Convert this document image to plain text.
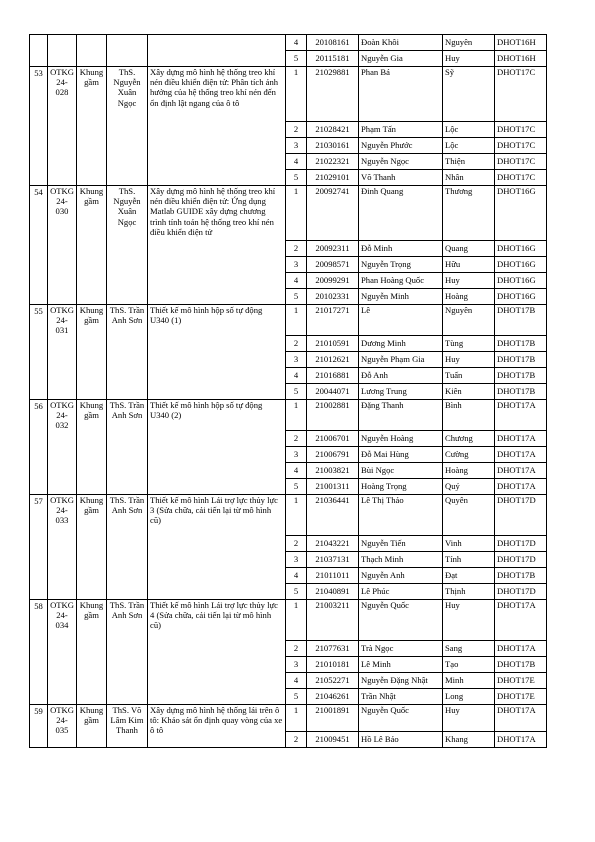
					4	20108161	Đoàn Khôi	Nguyên	DHOT16H
					5	20115181	Nguyễn Gia	Huy	DHOT16H
53	OTKG 24- 028	Khung gầm	ThS. Nguyễn Xuân Ngọc	Xây dựng mô hình hệ thống treo khí nén điều khiển điện tử: Phân tích ảnh hưởng của hệ thống treo khí nén đến ổn định lật ngang của ô tô	1	21029881	Phan Bá	Sỹ	DHOT17C
					2	21028421	Phạm Tấn	Lộc	DHOT17C
					3	21030161	Nguyễn Phước	Lộc	DHOT17C
					4	21022321	Nguyễn Ngọc	Thiện	DHOT17C
					5	21029101	Võ Thanh	Nhân	DHOT17C
54	OTKG 24- 030	Khung gầm	ThS. Nguyễn Xuân Ngọc	Xây dựng mô hình hệ thống treo khí nén điều khiển điện tử: Ứng dụng Matlab GUIDE xây dựng chương trình tính toán hệ thống treo khí nén điều khiển điện tử	1	20092741	Đinh Quang	Thương	DHOT16G
					2	20092311	Đỗ Minh	Quang	DHOT16G
					3	20098571	Nguyễn Trọng	Hữu	DHOT16G
					4	20099291	Phan Hoàng Quốc	Huy	DHOT16G
					5	20102331	Nguyễn Minh	Hoàng	DHOT16G
55	OTKG 24- 031	Khung gầm	ThS. Trần Anh Sơn	Thiết kế mô hình hộp số tự động U340 (1)	1	21017271	Lê	Nguyên	DHOT17B
					2	21010591	Dương Minh	Tùng	DHOT17B
					3	21012621	Nguyễn Phạm Gia	Huy	DHOT17B
					4	21016881	Đỗ Anh	Tuấn	DHOT17B
					5	20044071	Lương Trung	Kiên	DHOT17B
56	OTKG 24- 032	Khung gầm	ThS. Trần Anh Sơn	Thiết kế mô hình hộp số tự động U340 (2)	1	21002881	Đặng Thanh	Bình	DHOT17A
					2	21006701	Nguyễn Hoàng	Chương	DHOT17A
					3	21006791	Đỗ Mai Hùng	Cường	DHOT17A
					4	21003821	Bùi Ngọc	Hoàng	DHOT17A
					5	21001311	Hoàng Trọng	Quý	DHOT17A
57	OTKG 24- 033	Khung gầm	ThS. Trần Anh Sơn	Thiết kế mô hình Lái trợ lực thủy lực 3 (Sửa chữa, cải tiến lại từ mô hình cũ)	1	21036441	Lê Thị Thảo	Quyên	DHOT17D
					2	21043221	Nguyễn Tiến	Vinh	DHOT17D
					3	21037131	Thạch Minh	Tính	DHOT17D
					4	21011011	Nguyễn Anh	Đạt	DHOT17B
					5	21040891	Lê Phúc	Thịnh	DHOT17D
58	OTKG 24- 034	Khung gầm	ThS. Trần Anh Sơn	Thiết kế mô hình Lái trợ lực thủy lực 4 (Sửa chữa, cải tiến lại từ mô hình cũ)	1	21003211	Nguyễn Quốc	Huy	DHOT17A
					2	21077631	Trà Ngọc	Sang	DHOT17A
					3	21010181	Lê Minh	Tạo	DHOT17B
					4	21052271	Nguyễn Đặng Nhật	Minh	DHOT17E
					5	21046261	Trần Nhật	Long	DHOT17E
59	OTKG 24- 035	Khung gầm	ThS. Võ Lâm Kim Thanh	Xây dựng mô hình hệ thống lái trên ô tô: Khảo sát ổn định quay vòng của xe ô tô	1	21001891	Nguyễn Quốc	Huy	DHOT17A
					2	21009451	Hồ Lê Bảo	Khang	DHOT17A
